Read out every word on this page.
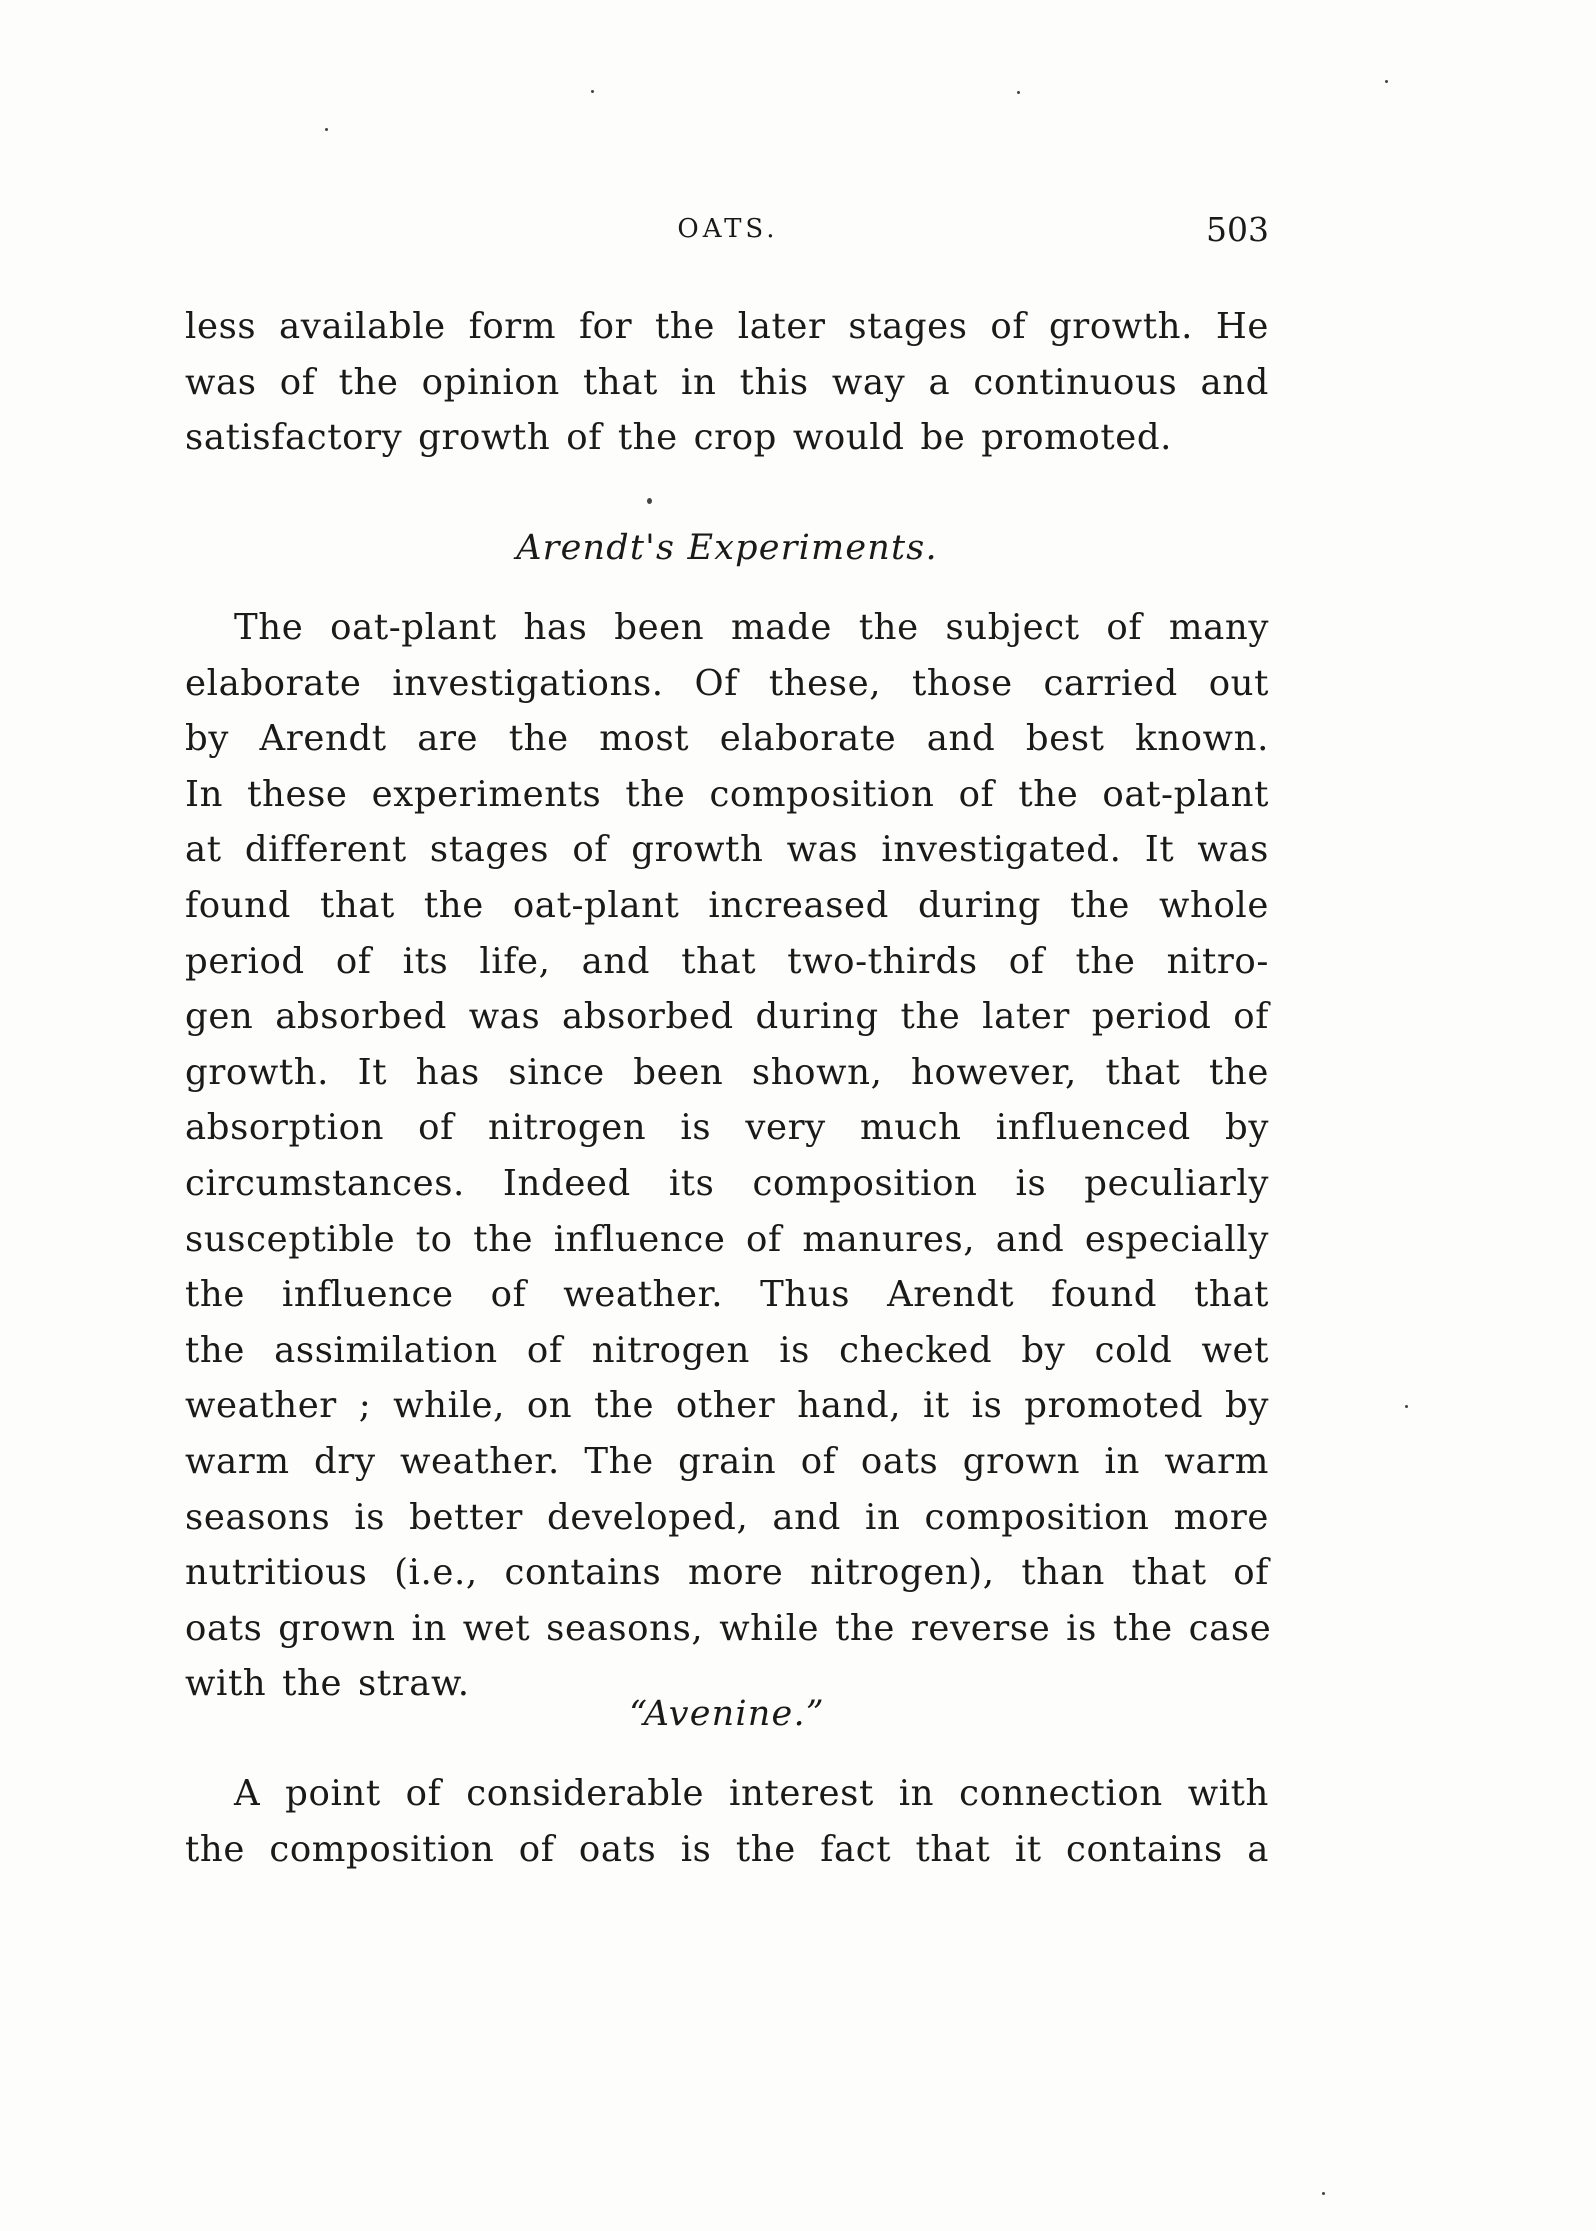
OATS.	503
less available form for the later stages of growth. He
was of the opinion that in this way a continuous and
satisfactory growth of the crop would be promoted.
Arendt's Experiments.
The oat-plant has been made the subject of many
elaborate investigations. Of these, those carried out
by Arendt are the most elaborate and best known.
In these experiments the composition of the oat-plant
at different stages of growth was investigated. It was
found that the oat-plant increased during the whole
period of its life, and that two-thirds of the nitro-
gen absorbed was absorbed during the later period of
growth. It has since been shown, however, that the
absorption of nitrogen is very much influenced by
circumstances. Indeed its composition is peculiarly
susceptible to the influence of manures, and especially
the influence of weather. Thus Arendt found that
the assimilation of nitrogen is checked by cold wet
weather ; while, on the other hand, it is promoted by
warm dry weather. The grain of oats grown in warm
seasons is better developed, and in composition more
nutritious (i.e., contains more nitrogen), than that of
oats grown in wet seasons, while the reverse is the case
with the straw.
“Avenine.”
A point of considerable interest in connection with
the composition of oats is the fact that it contains a
